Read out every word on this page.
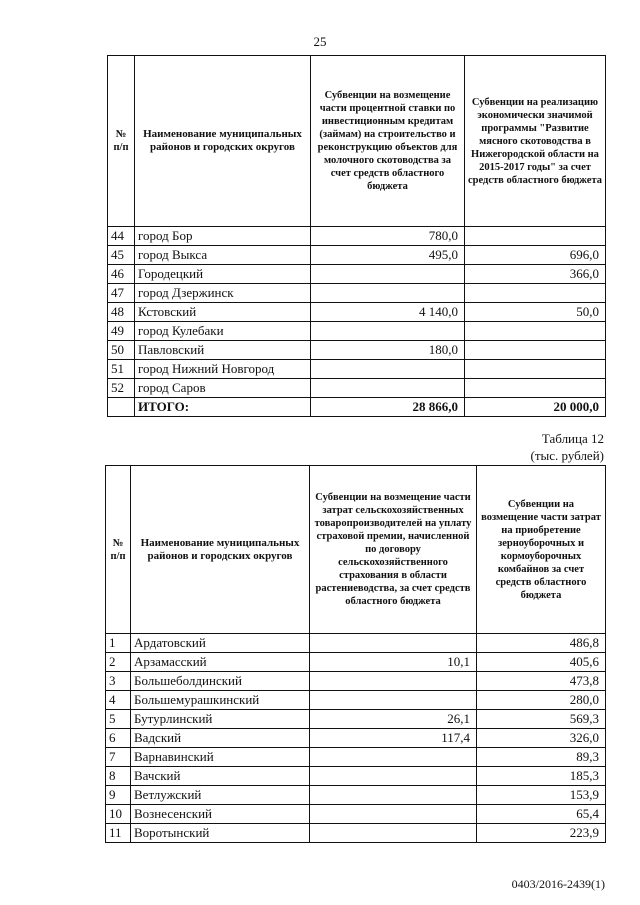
25
№ п/п	Наименование муниципальных районов и городских округов	Субвенции на возмещение части процентной ставки по инвестиционным кредитам (займам) на строительство и реконструкцию объектов для молочного скотоводства за счет средств областного бюджета	Субвенции на реализацию экономически значимой программы "Развитие мясного скотоводства в Нижегородской области на 2015-2017 годы" за счет средств областного бюджета
44	город Бор	780,0	
45	город Выкса	495,0	696,0
46	Городецкий		366,0
47	город Дзержинск		
48	Кстовский	4 140,0	50,0
49	город Кулебаки		
50	Павловский	180,0	
51	город Нижний Новгород		
52	город Саров		
	ИТОГО:	28 866,0	20 000,0
Таблица 12
(тыс. рублей)
№ п/п	Наименование муниципальных районов и городских округов	Субвенции на возмещение части затрат сельскохозяйственных товаропроизводителей на уплату страховой премии, начисленной по договору сельскохозяйственного страхования в области растениеводства, за счет средств областного бюджета	Субвенции на возмещение части затрат на приобретение зерноуборочных и кормоуборочных комбайнов за счет средств областного бюджета
1	Ардатовский		486,8
2	Арзамасский	10,1	405,6
3	Большеболдинский		473,8
4	Большемурашкинский		280,0
5	Бутурлинский	26,1	569,3
6	Вадский	117,4	326,0
7	Варнавинский		89,3
8	Вачский		185,3
9	Ветлужский		153,9
10	Вознесенский		65,4
11	Воротынский		223,9
0403/2016-2439(1)
